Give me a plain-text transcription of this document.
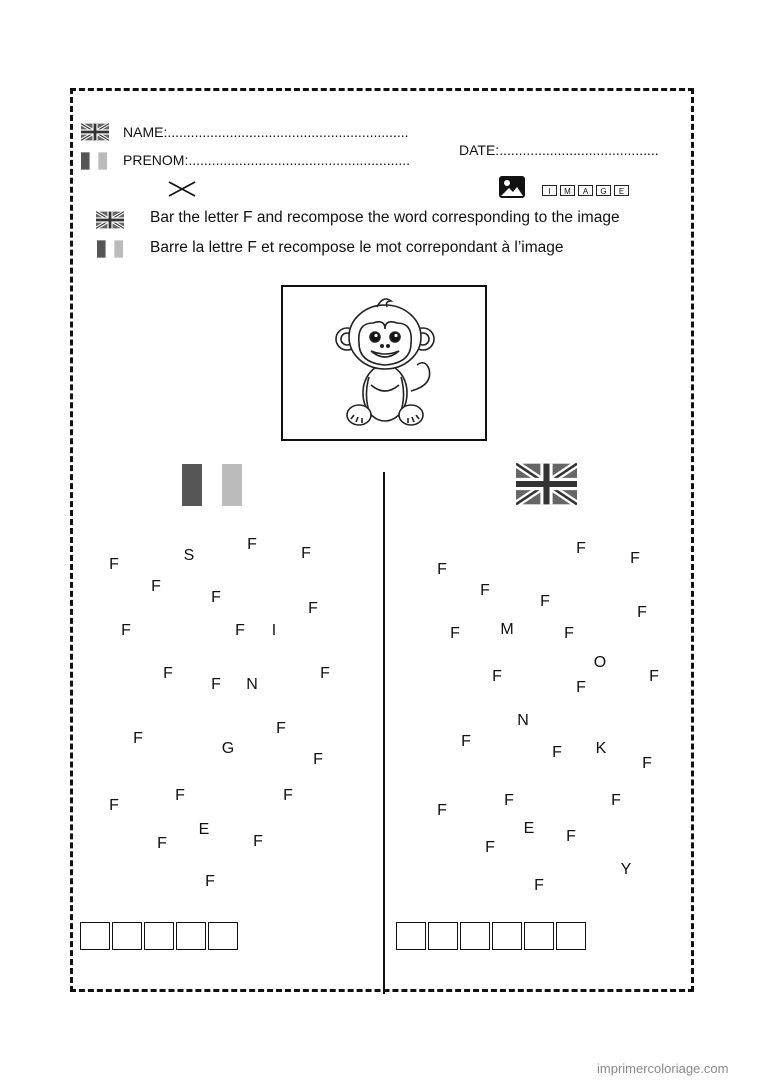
NAME:..............................................................
PRENOM:.........................................................
DATE:.........................................
I	M	A	G	E
Bar the letter F and recompose the word corresponding to the image
Barre la lettre F et recompose le mot correpondant à l’image
F
S
F
F
F
F
F
F	F I
F
F N
F
F
G
F
F
F
F	F
E
F	F
F
F
F
F
F
F
F
M
F	F
O
F
F
F
N
F
F K
F
F
F	F
E F
F
Y
F
imprimercoloriage.com
